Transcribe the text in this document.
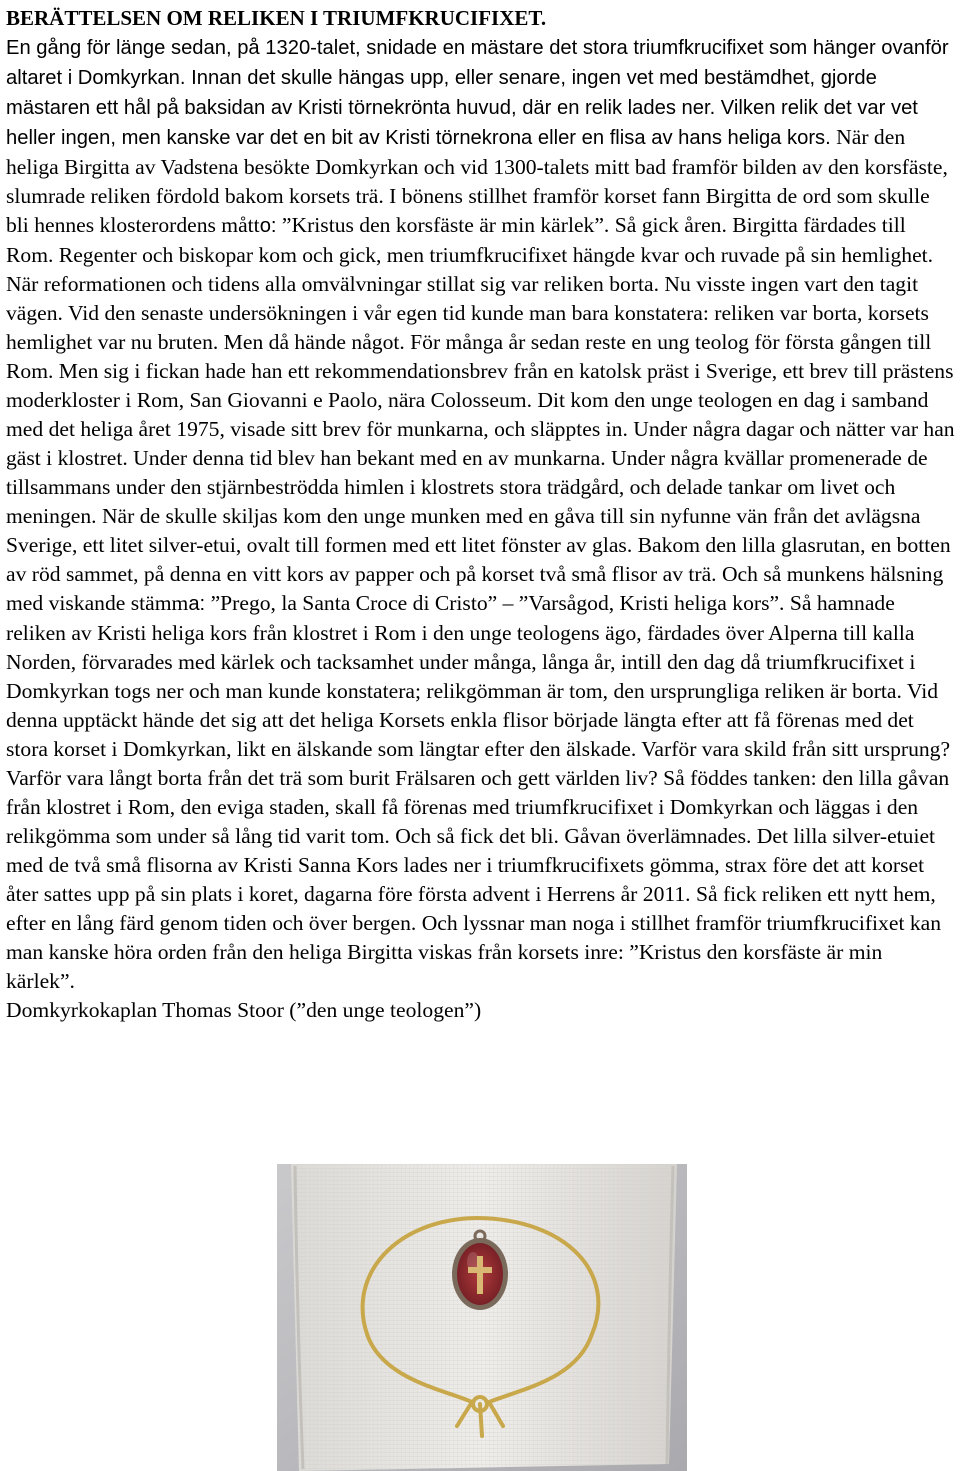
BERÄTTELSEN OM RELIKEN I TRIUMFKRUCIFIXET.

En gång för länge sedan, på 1320-talet, snidade en mästare det stora triumfkrucifixet som hänger ovanför altaret i Domkyrkan. Innan det skulle hängas upp, eller senare, ingen vet med bestämdhet, gjorde mästaren ett hål på baksidan av Kristi törnekrönta huvud, där en relik lades ner. Vilken relik det var vet heller ingen, men kanske var det en bit av Kristi törnekrona eller en flisa av hans heliga kors. När den heliga Birgitta av Vadstena besökte Domkyrkan och vid 1300-talets mitt bad framför bilden av den korsfäste, slumrade reliken fördold bakom korsets trä. I bönens stillhet framför korset fann Birgitta de ord som skulle bli hennes klosterordens måtto: ”Kristus den korsfäste är min kärlek”. Så gick åren. Birgitta färdades till Rom. Regenter och biskopar kom och gick, men triumfkrucifixet hängde kvar och ruvade på sin hemlighet. När reformationen och tidens alla omvälvningar stillat sig var reliken borta. Nu visste ingen vart den tagit vägen. Vid den senaste undersökningen i vår egen tid kunde man bara konstatera: reliken var borta, korsets hemlighet var nu bruten. Men då hände något. För många år sedan reste en ung teolog för första gången till Rom. Men sig i fickan hade han ett rekommendationsbrev från en katolsk präst i Sverige, ett brev till prästens moderkloster i Rom, San Giovanni e Paolo, nära Colosseum. Dit kom den unge teologen en dag i samband med det heliga året 1975, visade sitt brev för munkarna, och släpptes in. Under några dagar och nätter var han gäst i klostret. Under denna tid blev han bekant med en av munkarna. Under några kvällar promenerade de tillsammans under den stjärnbeströdda himlen i klostrets stora trädgård, och delade tankar om livet och meningen. När de skulle skiljas kom den unge munken med en gåva till sin nyfunne vän från det avlägsna Sverige, ett litet silver-etui, ovalt till formen med ett litet fönster av glas. Bakom den lilla glasrutan, en botten av röd sammet, på denna en vitt kors av papper och på korset två små flisor av trä. Och så munkens hälsning med viskande stämma: ”Prego, la Santa Croce di Cristo” – ”Varsågod, Kristi heliga kors”. Så hamnade reliken av Kristi heliga kors från klostret i Rom i den unge teologens ägo, färdades över Alperna till kalla Norden, förvarades med kärlek och tacksamhet under många, långa år, intill den dag då triumfkrucifixet i Domkyrkan togs ner och man kunde konstatera; relikgömman är tom, den ursprungliga reliken är borta. Vid denna upptäckt hände det sig att det heliga Korsets enkla flisor började längta efter att få förenas med det stora korset i Domkyrkan, likt en älskande som längtar efter den älskade. Varför vara skild från sitt ursprung? Varför vara långt borta från det trä som burit Frälsaren och gett världen liv? Så föddes tanken: den lilla gåvan från klostret i Rom, den eviga staden, skall få förenas med triumfkrucifixet i Domkyrkan och läggas i den relikgömma som under så lång tid varit tom. Och så fick det bli. Gåvan överlämnades. Det lilla silver-etuiet med de två små flisorna av Kristi Sanna Kors lades ner i triumfkrucifixets gömma, strax före det att korset åter sattes upp på sin plats i koret, dagarna före första advent i Herrens år 2011. Så fick reliken ett nytt hem, efter en lång färd genom tiden och över bergen. Och lyssnar man noga i stillhet framför triumfkrucifixet kan man kanske höra orden från den heliga Birgitta viskas från korsets inre: ”Kristus den korsfäste är min kärlek”.

Domkyrkokaplan Thomas Stoor (”den unge teologen”)
